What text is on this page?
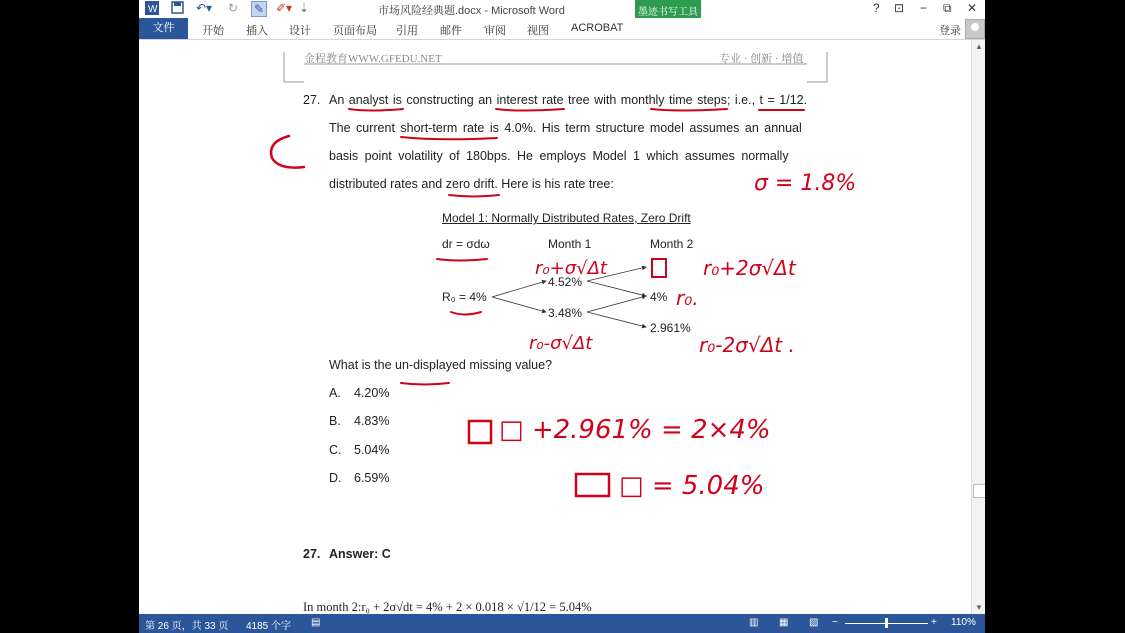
W	↶▾ ↻ ✎ ✐▾ ⇣	市场风险经典题.docx - Microsoft Word	墨迹书写工具	? ⊡ − ⧉ ✕
文件	开始 插入 设计 页面布局 引用 邮件 审阅 视图 ACROBAT	登录
金程教育WWW.GFEDU.NET	专业 · 创新 · 增值
27. An analyst is constructing an interest rate tree with monthly time steps; i.e., t = 1/12.
The current short-term rate is 4.0%. His term structure model assumes an annual
basis point volatility of 180bps. He employs Model 1 which assumes normally
distributed rates and zero drift. Here is his rate tree:
Model 1: Normally Distributed Rates, Zero Drift
dr = σdω	Month 1	Month 2
R₀ = 4%
4.52%
3.48%
4%
2.961%
What is the un-displayed missing value?
A. 4.20%
B. 4.83%
C. 5.04%
D. 6.59%
27. Answer: C
In month 2:r₀ + 2σ√dt = 4% + 2 × 0.018 × √1/12 = 5.04%
σ = 1.8%
r₀+σ√Δt	r₀+2σ√Δt
r₀.
r₀-σ√Δt	r₀-2σ√Δt .
□ +2.961% = 2×4%
□ = 5.04%
▲
▼
第 26 页，共 33 页 4185 个字 ▤	▥ ▦ ▧ −	+ 110%
